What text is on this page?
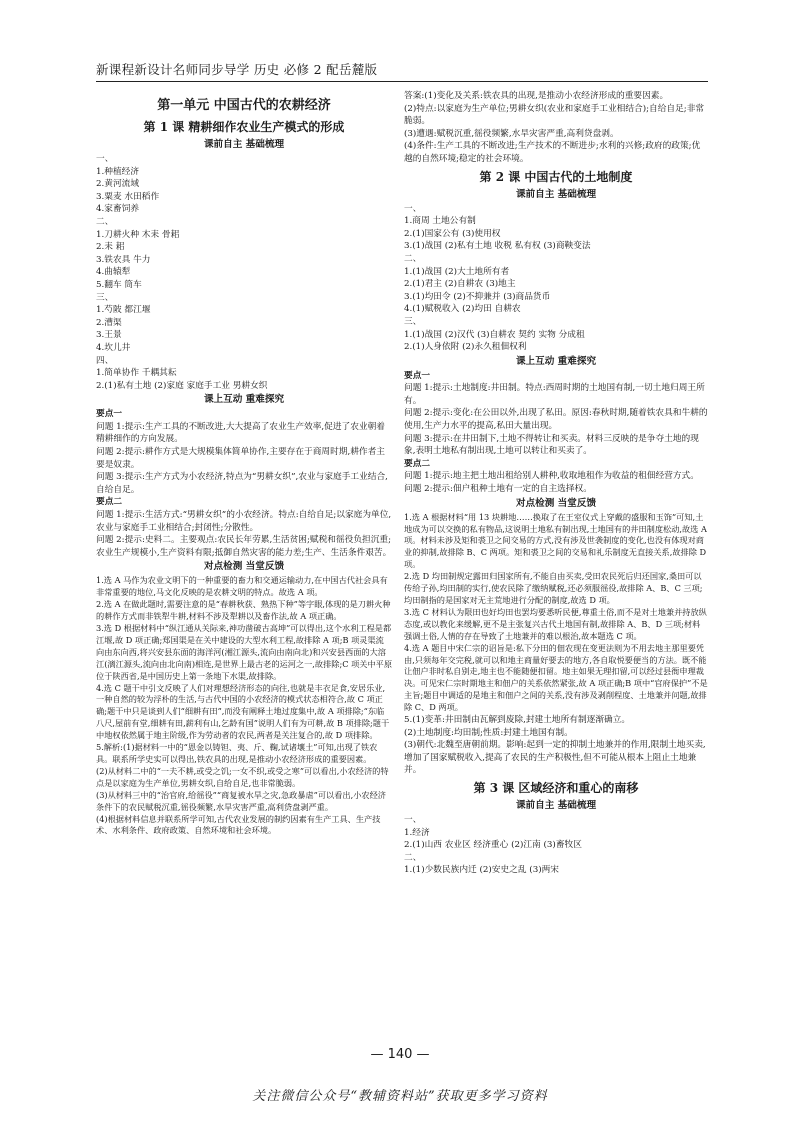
新课程新设计名师同步导学 历史 必修 2 配岳麓版

第一单元 中国古代的农耕经济

第 1 课 精耕细作农业生产模式的形成

课前自主 基础梳理

一、

1.种植经济

2.黄河流域

3.粟麦 水田稻作

4.家畜饲养

二、

1.刀耕火种 木耒 骨耜

2.耒 耜

3.铁农具 牛力

4.曲辕犁

5.翻车 筒车

三、

1.芍陂 都江堰

2.漕渠

3.王景

4.坎儿井

四、

1.简单协作 千耦其耘

2.(1)私有土地 (2)家庭 家庭手工业 男耕女织

课上互动 重难探究

要点一

问题 1:提示:生产工具的不断改进,大大提高了农业生产效率,促进了农业朝着精耕细作的方向发展。

问题 2:提示:耕作方式是大规模集体简单协作,主要存在于商周时期,耕作者主要是奴隶。

问题 3:提示:生产方式为小农经济,特点为“男耕女织”,农业与家庭手工业结合,自给自足。

要点二

问题 1:提示:生活方式:“男耕女织”的小农经济。特点:自给自足;以家庭为单位,农业与家庭手工业相结合;封闭性;分散性。

问题 2:提示:史料二。主要观点:农民长年劳累,生活贫困;赋税和徭役负担沉重;农业生产规模小,生产资料有限;抵御自然灾害的能力差;生产、生活条件艰苦。

对点检测 当堂反馈

1.选 A 马作为农业文明下的一种重要的畜力和交通运输动力,在中国古代社会具有非常重要的地位,马文化反映的是农耕文明的特点。故选 A 项。

2.选 A 在做此题时,需要注意的是“春耕秋获、熟热下种”等字眼,体现的是刀耕火种的耕作方式而非铁犁牛耕,材料不涉及犁耕以及畜作法,故 A 项正确。

3.选 D 根据材料中“纵江通从关际来,神功凿破古高坤”可以得出,这个水利工程是都江堰,故 D 项正确;郑国渠是在关中建设的大型水利工程,故排除 A 项;B 项灵渠流向由东向西,将兴安县东面的海洋河(湘江源头,流向由南向北)和兴安县西面的大溶江(漓江源头,流向由北向南)相连,是世界上最古老的运河之一,故排除;C 项关中平原位于陕西省,是中国历史上第一条地下水渠,故排除。

4.选 C 题干中引文反映了人们对理想经济形态的向往,也就是丰衣足食,安居乐业,一种自然的较为浮朴的生活,与古代中国的小农经济的模式状态相符合,故 C 项正确;题干中只是谈到人们“细耕有田”,而没有阐释土地过度集中,故 A 项排除;“东临八尺,屋前有堂,细耕有田,薪利有山,乞龄有国”说明人们有为可耕,故 B 项排除;题干中地权依然属于地主阶级,作为劳动者的农民,两者是关注复合的,故 D 项排除。

5.解析:(1)据材料一中的“恩金以铸钽、夷、斤、鞠,试诸壤土”可知,出现了铁农具。联系所学史实可以得出,铁农具的出现,是推动小农经济形成的重要因素。

(2)从材料二中的“一夫不耕,或受之饥;一女不织,或受之寒”可以看出,小农经济的特点是以家庭为生产单位,男耕女织,自给自足,也非常脆弱。

(3)从材料三中的“治官府,给徭役”“商复被水旱之灾,急政暴虐”可以看出,小农经济条件下的农民赋税沉重,徭役频繁,水旱灾害严重,高利贷盘剥严重。

(4)根据材料信息并联系所学可知,古代农业发展的制约因素有生产工具、生产技术、水利条件、政府政策、自然环境和社会环境。

答案:(1)变化及关系:铁农具的出现,是推动小农经济形成的重要因素。

(2)特点:以家庭为生产单位;男耕女织(农业和家庭手工业相结合);自给自足;非常脆弱。

(3)遭遇:赋税沉重,徭役频繁,水旱灾害严重,高利贷盘剥。

(4)条件:生产工具的不断改进;生产技术的不断进步;水利的兴修;政府的政策;优越的自然环境;稳定的社会环境。

第 2 课 中国古代的土地制度

课前自主 基础梳理

一、

1.商周 土地公有制

2.(1)国家公有 (3)使用权

3.(1)战国 (2)私有土地 收税 私有权 (3)商鞅变法

二、

1.(1)战国 (2)大土地所有者

2.(1)君主 (2)自耕农 (3)地主

3.(1)均田令 (2)不抑兼并 (3)商品货币

4.(1)赋税收入 (2)均田 自耕农

三、

1.(1)战国 (2)汉代 (3)自耕农 契约 实物 分成租

2.(1)人身依附 (2)永久租佃权利

课上互动 重难探究

要点一

问题 1:提示:土地制度:井田制。特点:西周时期的土地国有制,一切土地归周王所有。

问题 2:提示:变化:在公田以外,出现了私田。原因:春秋时期,随着铁农具和牛耕的使用,生产力水平的提高,私田大量出现。

问题 3:提示:在井田制下,土地不得转让和买卖。材料三反映的是争夺土地的现象,表明土地私有制出现,土地可以转让和买卖了。

要点二

问题 1:提示:地主把土地出租给别人耕种,收取地租作为收益的租佃经营方式。

问题 2:提示:佃户租种土地有一定的自主选择权。

对点检测 当堂反馈

1.选 A 根据材料“用 13 块耕地……换取了在王室仪式上穿戴的盛服和玉饰”可知,土地成为可以交换的私有物品,这说明土地私有制出现,土地国有的井田制度松动,故选 A 项。材料未涉及矩和裘卫之间交易的方式,没有涉及世袭制度的变化,也没有体现对商业的抑制,故排除 B、C 两项。矩和裘卫之间的交易和礼乐制度无直接关系,故排除 D 项。

2.选 D 均田制规定露田归国家所有,不能自由买卖,受田农民死后归还国家,桑田可以传给子孙,均田制的实行,使农民除了缴纳赋税,还必须服徭役,故排除 A、B、C 三项;均田制指的是国家对无主荒地进行分配的制度,故选 D 项。

3.选 C 材料认为限田也好均田也罢均要悉听民便,尊重土俗,而不是对土地兼并持放纵态度,或以教化来缓解,更不是主张复兴古代土地国有制,故排除 A、B、D 三项;材料强调土俗,人情的存在导致了土地兼并的难以根治,故本题选 C 项。

4.选 A 题目中宋仁宗的诏旨是:私下分田的佃农现在变更法则为不用去地主那里要凭由,只须每年交完税,就可以和地主商量好要去的地方,各自取悦要便当的方法。既不能让佃户非时私自别走,地主也不能随便扣留。地主如果无理扣留,可以经过县衙申理裁决。可见宋仁宗时期地主和佃户的关系依然紧张,故 A 项正确;B 项中“官府保护”不是主旨;题目中调适的是地主和佃户之间的关系,没有涉及剥削程度、土地兼并问题,故排除 C、D 两项。

5.(1)变革:井田制由瓦解到废除,封建土地所有制逐渐确立。

(2)土地制度:均田制;性质:封建土地国有制。

(3)朝代:北魏至唐朝前期。影响:起到一定的抑制土地兼并的作用,限制土地买卖,增加了国家赋税收入,提高了农民的生产积极性,但不可能从根本上阻止土地兼并。

第 3 课 区域经济和重心的南移

课前自主 基础梳理

一、

1.经济

2.(1)山西 农业区 经济重心 (2)江南 (3)畜牧区

二、

1.(1)少数民族内迁 (2)安史之乱 (3)两宋

— 140 —
关注微信公众号“教辅资料站”获取更多学习资料
